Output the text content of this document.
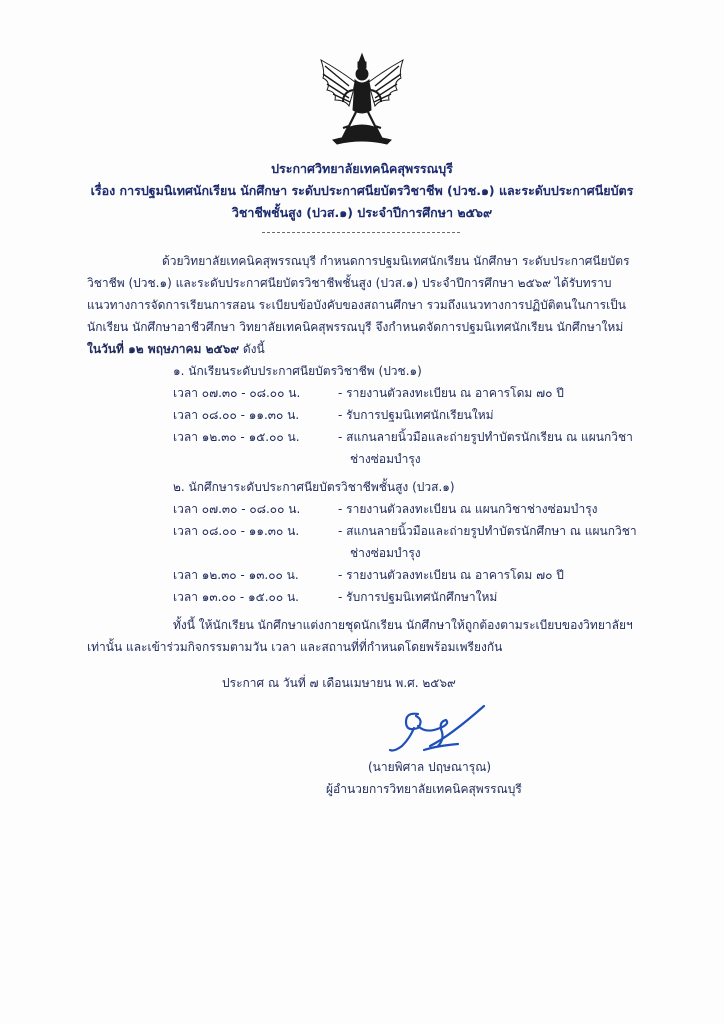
ประกาศวิทยาลัยเทคนิคสุพรรณบุรี
เรื่อง การปฐมนิเทศนักเรียน นักศึกษา ระดับประกาศนียบัตรวิชาชีพ (ปวช.๑) และระดับประกาศนียบัตร
วิชาชีพชั้นสูง (ปวส.๑) ประจำปีการศึกษา ๒๕๖๙
ด้วยวิทยาลัยเทคนิคสุพรรณบุรี กำหนดการปฐมนิเทศนักเรียน นักศึกษา ระดับประกาศนียบัตร
วิชาชีพ (ปวช.๑) และระดับประกาศนียบัตรวิชาชีพชั้นสูง (ปวส.๑) ประจำปีการศึกษา ๒๕๖๙ ได้รับทราบ
แนวทางการจัดการเรียนการสอน ระเบียบข้อบังคับของสถานศึกษา รวมถึงแนวทางการปฏิบัติตนในการเป็น
นักเรียน นักศึกษาอาชีวศึกษา วิทยาลัยเทคนิคสุพรรณบุรี จึงกำหนดจัดการปฐมนิเทศนักเรียน นักศึกษาใหม่
ในวันที่ ๑๒ พฤษภาคม ๒๕๖๙ ดังนี้
๑. นักเรียนระดับประกาศนียบัตรวิชาชีพ (ปวช.๑)
เวลา ๐๗.๓๐ - ๐๘.๐๐ น.	- รายงานตัวลงทะเบียน ณ อาคารโดม ๗๐ ปี
เวลา ๐๘.๐๐ - ๑๑.๓๐ น.	- รับการปฐมนิเทศนักเรียนใหม่
เวลา ๑๒.๓๐ - ๑๕.๐๐ น.	- สแกนลายนิ้วมือและถ่ายรูปทำบัตรนักเรียน ณ แผนกวิชา
ช่างซ่อมบำรุง
๒. นักศึกษาระดับประกาศนียบัตรวิชาชีพชั้นสูง (ปวส.๑)
เวลา ๐๗.๓๐ - ๐๘.๐๐ น.	- รายงานตัวลงทะเบียน ณ แผนกวิชาช่างซ่อมบำรุง
เวลา ๐๘.๐๐ - ๑๑.๓๐ น.	- สแกนลายนิ้วมือและถ่ายรูปทำบัตรนักศึกษา ณ แผนกวิชา
ช่างซ่อมบำรุง
เวลา ๑๒.๓๐ - ๑๓.๐๐ น.	- รายงานตัวลงทะเบียน ณ อาคารโดม ๗๐ ปี
เวลา ๑๓.๐๐ - ๑๕.๐๐ น.	- รับการปฐมนิเทศนักศึกษาใหม่
ทั้งนี้ ให้นักเรียน นักศึกษาแต่งกายชุดนักเรียน นักศึกษาให้ถูกต้องตามระเบียบของวิทยาลัยฯ
เท่านั้น และเข้าร่วมกิจกรรมตามวัน เวลา และสถานที่ที่กำหนดโดยพร้อมเพรียงกัน
ประกาศ ณ วันที่ ๗ เดือนเมษายน พ.ศ. ๒๕๖๙
(นายพิศาล ปฤษณารุณ)
ผู้อำนวยการวิทยาลัยเทคนิคสุพรรณบุรี
